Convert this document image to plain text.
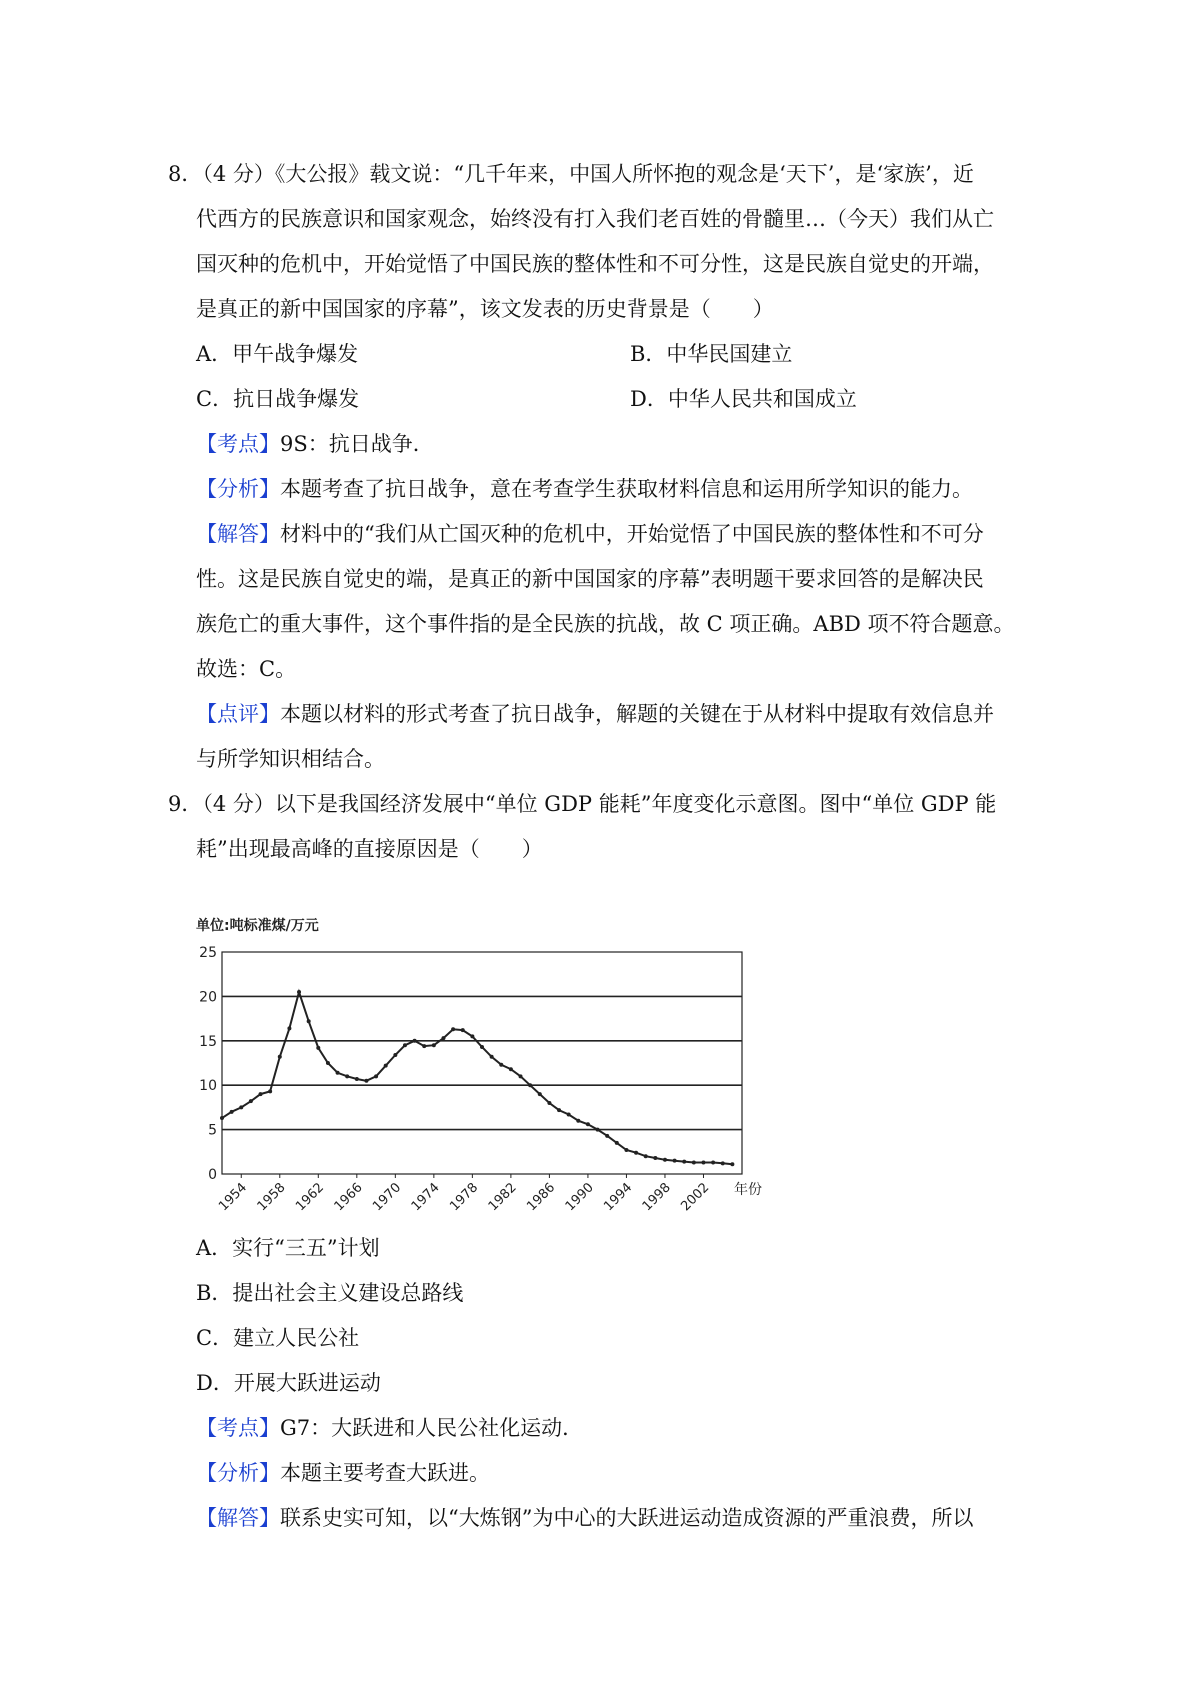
8．（4 分）《大公报》载文说：“几千年来，中国人所怀抱的观念是‘天下’，是‘家族’，近
代西方的民族意识和国家观念，始终没有打入我们老百姓的骨髓里…（今天）我们从亡
国灭种的危机中，开始觉悟了中国民族的整体性和不可分性，这是民族自觉史的开端，
是真正的新中国国家的序幕”，该文发表的历史背景是（　　）
A．甲午战争爆发	B．中华民国建立
C．抗日战争爆发	D．中华人民共和国成立
【考点】9S：抗日战争．
【分析】本题考查了抗日战争，意在考查学生获取材料信息和运用所学知识的能力。
【解答】材料中的“我们从亡国灭种的危机中，开始觉悟了中国民族的整体性和不可分
性。这是民族自觉史的端，是真正的新中国国家的序幕”表明题干要求回答的是解决民
族危亡的重大事件，这个事件指的是全民族的抗战，故 C 项正确。ABD 项不符合题意。
故选：C。
【点评】本题以材料的形式考查了抗日战争，解题的关键在于从材料中提取有效信息并
与所学知识相结合。
9．（4 分）以下是我国经济发展中“单位 GDP 能耗”年度变化示意图。图中“单位 GDP 能
耗”出现最高峰的直接原因是（　　）
单位:吨标准煤/万元
0
5
10
15
20
25
1954 1958 1962 1966 1970 1974 1978 1982 1986 1990 1994 1998 2002 年份
A．实行“三五”计划
B．提出社会主义建设总路线
C．建立人民公社
D．开展大跃进运动
【考点】G7：大跃进和人民公社化运动．
【分析】本题主要考查大跃进。
【解答】联系史实可知，以“大炼钢”为中心的大跃进运动造成资源的严重浪费，所以
